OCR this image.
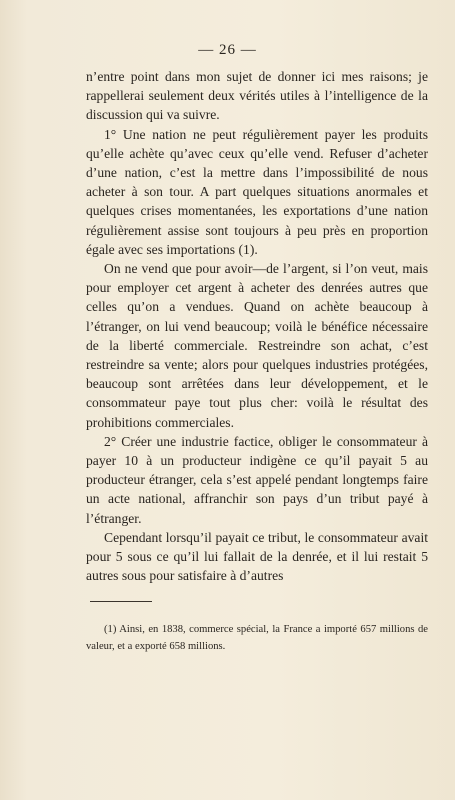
— 26 —

n’entre point dans mon sujet de donner ici mes raisons; je rappellerai seulement deux vérités utiles à l’intelligence de la discussion qui va suivre.

1° Une nation ne peut régulièrement payer les produits qu’elle achète qu’avec ceux qu’elle vend. Refuser d’acheter d’une nation, c’est la mettre dans l’impossibilité de nous acheter à son tour. A part quelques situations anormales et quelques crises momentanées, les exportations d’une nation régulièrement assise sont toujours à peu près en proportion égale avec ses importations (1).

On ne vend que pour avoir—de l’argent, si l’on veut, mais pour employer cet argent à acheter des denrées autres que celles qu’on a vendues. Quand on achète beaucoup à l’étranger, on lui vend beaucoup; voilà le bénéfice nécessaire de la liberté commerciale. Restreindre son achat, c’est restreindre sa vente; alors pour quelques industries protégées, beaucoup sont arrêtées dans leur développement, et le consommateur paye tout plus cher: voilà le résultat des prohibitions commerciales.

2° Créer une industrie factice, obliger le consommateur à payer 10 à un producteur indigène ce qu’il payait 5 au producteur étranger, cela s’est appelé pendant longtemps faire un acte national, affranchir son pays d’un tribut payé à l’étranger.

Cependant lorsqu’il payait ce tribut, le consommateur avait pour 5 sous ce qu’il lui fallait de la denrée, et il lui restait 5 autres sous pour satisfaire à d’autres

(1) Ainsi, en 1838, commerce spécial, la France a importé 657 millions de valeur, et a exporté 658 millions.
